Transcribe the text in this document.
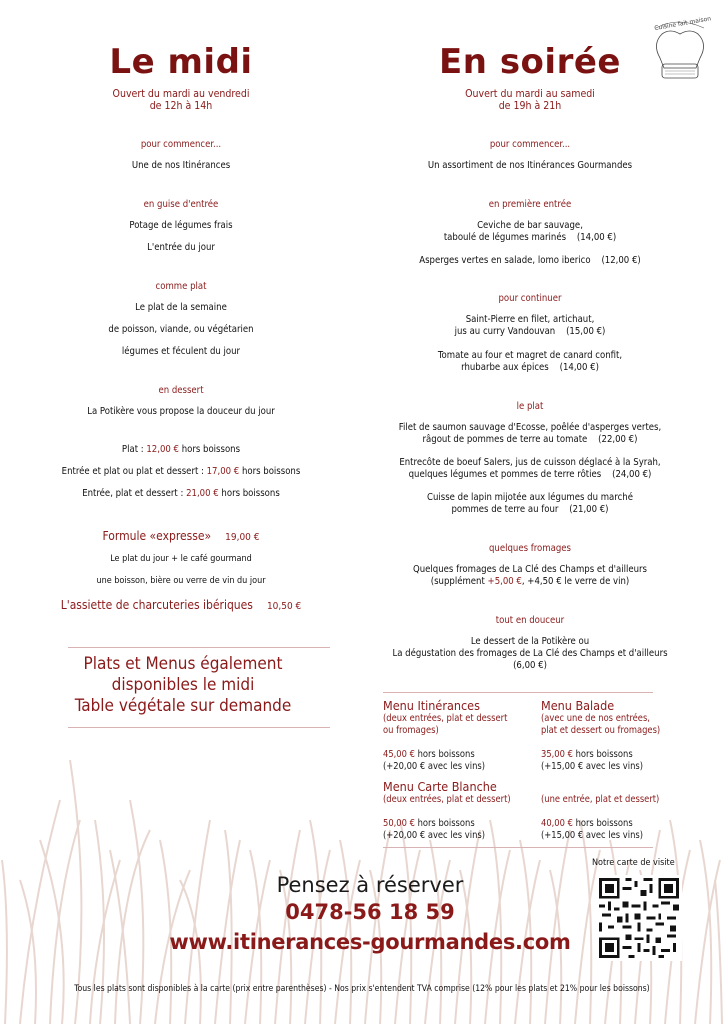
Cuisine fait maison
Le midi
Ouvert du mardi au vendredi
de 12h à 14h
pour commencer...
Une de nos Itinérances
en guise d'entrée
Potage de légumes frais
L'entrée du jour
comme plat
Le plat de la semaine
de poisson, viande, ou végétarien
légumes et féculent du jour
en dessert
La Potikère vous propose la douceur du jour
Plat : 12,00 € hors boissons
Entrée et plat ou plat et dessert : 17,00 € hors boissons
Entrée, plat et dessert : 21,00 € hors boissons
Formule «expresse» 19,00 €
Le plat du jour + le café gourmand
une boisson, bière ou verre de vin du jour
L'assiette de charcuteries ibériques 10,50 €
Plats et Menus également
disponibles le midi
Table végétale sur demande
En soirée
Ouvert du mardi au samedi
de 19h à 21h
pour commencer...
Un assortiment de nos Itinérances Gourmandes
en première entrée
Ceviche de bar sauvage,
taboulé de légumes marinés (14,00 €)
Asperges vertes en salade, lomo iberico (12,00 €)
pour continuer
Saint-Pierre en filet, artichaut,
jus au curry Vandouvan (15,00 €)
Tomate au four et magret de canard confit,
rhubarbe aux épices (14,00 €)
le plat
Filet de saumon sauvage d'Ecosse, poêlée d'asperges vertes,
râgout de pommes de terre au tomate (22,00 €)
Entrecôte de boeuf Salers, jus de cuisson déglacé à la Syrah,
quelques légumes et pommes de terre rôties (24,00 €)
Cuisse de lapin mijotée aux légumes du marché
pommes de terre au four (21,00 €)
quelques fromages
Quelques fromages de La Clé des Champs et d'ailleurs
(supplément +5,00 €, +4,50 € le verre de vin)
tout en douceur
Le dessert de la Potikère ou
La dégustation des fromages de La Clé des Champs et d'ailleurs
(6,00 €)
Menu Itinérances
(deux entrées, plat et dessert
ou fromages)
45,00 € hors boissons
(+20,00 € avec les vins)
Menu Balade
(avec une de nos entrées,
plat et dessert ou fromages)
35,00 € hors boissons
(+15,00 € avec les vins)
Menu Carte Blanche
(deux entrées, plat et dessert)
50,00 € hors boissons
(+20,00 € avec les vins)
(une entrée, plat et dessert)
40,00 € hors boissons
(+15,00 € avec les vins)
Pensez à réserver
0478-56 18 59
www.itinerances-gourmandes.com
Notre carte de visite
Tous les plats sont disponibles à la carte (prix entre parenthèses) - Nos prix s'entendent TVA comprise (12% pour les plats et 21% pour les boissons)
